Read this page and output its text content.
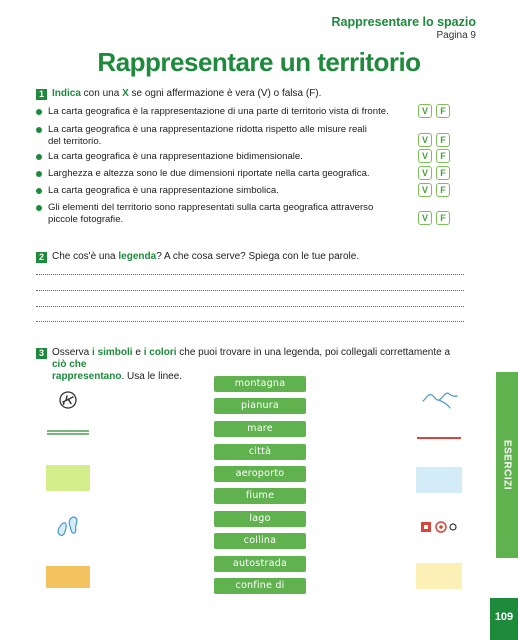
Rappresentare lo spazio
Pagina 9
Rappresentare un territorio
1 Indica con una X se ogni affermazione è vera (V) o falsa (F).
La carta geografica è la rappresentazione di una parte di territorio vista di fronte.	V	F
La carta geografica è una rappresentazione ridotta rispetto alle misure reali del territorio.	V	F
La carta geografica è una rappresentazione bidimensionale.	V	F
Larghezza e altezza sono le due dimensioni riportate nella carta geografica.	V	F
La carta geografica è una rappresentazione simbolica.	V	F
Gli elementi del territorio sono rappresentati sulla carta geografica attraverso piccole fotografie.	V	F
2 Che cos'è una legenda? A che cosa serve? Spiega con le tue parole.
3 Osserva i simboli e i colori che puoi trovare in una legenda, poi collegali correttamente a ciò che
rappresentano. Usa le linee.
montagna
pianura
mare
città
aeroporto
fiume
lago
collina
autostrada
confine di Regione
ESERCIZI
109
